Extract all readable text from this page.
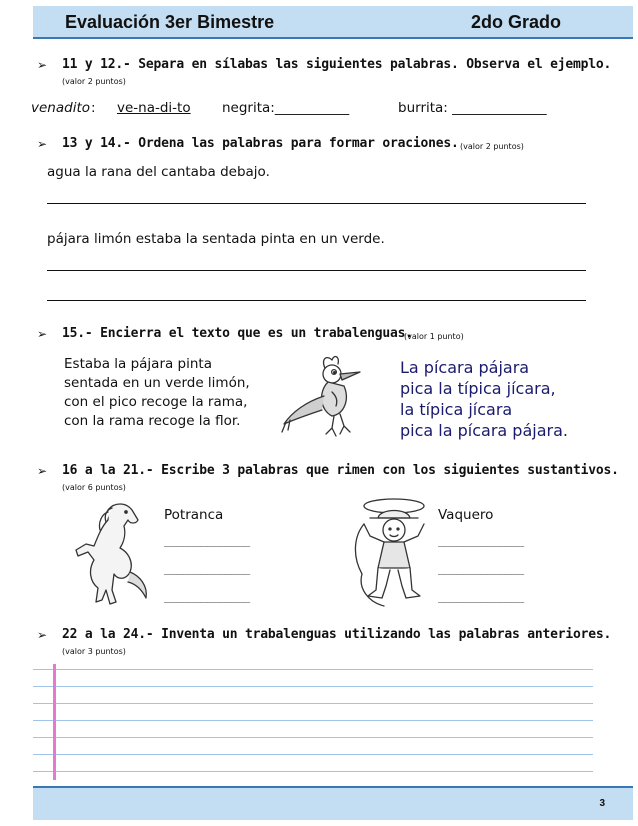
Evaluación 3er Bimestre	2do Grado
➢ 11 y 12.- Separa en sílabas las siguientes palabras. Observa el ejemplo.
(valor 2 puntos)
venadito : ve-na-di-to negrita:___________	burrita: ______________
➢ 13 y 14.- Ordena las palabras para formar oraciones. (valor 2 puntos)
agua la rana del cantaba debajo.
pájara limón estaba la sentada pinta en un verde.
➢ 15.- Encierra el texto que es un trabalenguas.
(valor 1 punto)
Estaba la pájara pinta
sentada en un verde limón,
con el pico recoge la rama,
con la rama recoge la flor.
La pícara pájara
pica la típica jícara,
la típica jícara
pica la pícara pájara.
➢ 16 a la 21.- Escribe 3 palabras que rimen con los siguientes sustantivos.
(valor 6 puntos)
Potranca
______________
______________
______________
Vaquero
______________
______________
______________
➢ 22 a la 24.- Inventa un trabalenguas utilizando las palabras anteriores.
(valor 3 puntos)
3
